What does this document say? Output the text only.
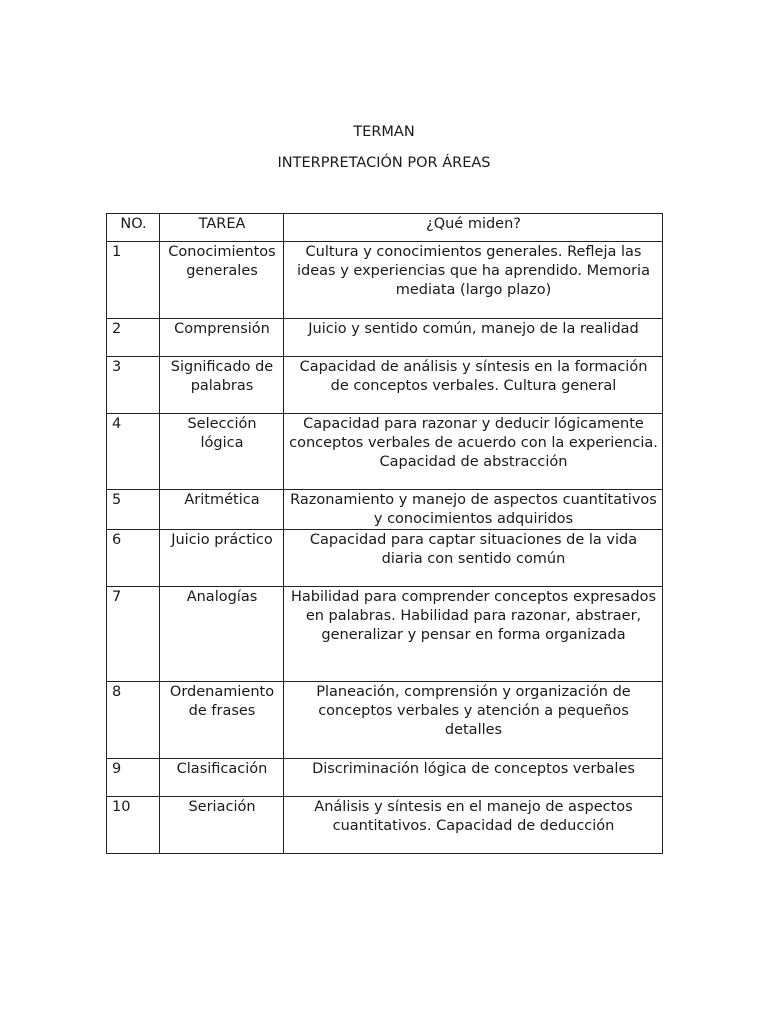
TERMAN
INTERPRETACIÓN POR ÁREAS
NO.	TAREA	¿Qué miden?
1	Conocimientos generales	Cultura y conocimientos generales. Refleja las ideas y experiencias que ha aprendido. Memoria mediata (largo plazo)
2	Comprensión	Juicio y sentido común, manejo de la realidad
3	Significado de palabras	Capacidad de análisis y síntesis en la formación de conceptos verbales. Cultura general
4	Selección lógica	Capacidad para razonar y deducir lógicamente conceptos verbales de acuerdo con la experiencia. Capacidad de abstracción
5	Aritmética	Razonamiento y manejo de aspectos cuantitativos y conocimientos adquiridos
6	Juicio práctico	Capacidad para captar situaciones de la vida diaria con sentido común
7	Analogías	Habilidad para comprender conceptos expresados en palabras. Habilidad para razonar, abstraer, generalizar y pensar en forma organizada
8	Ordenamiento de frases	Planeación, comprensión y organización de conceptos verbales y atención a pequeños detalles
9	Clasificación	Discriminación lógica de conceptos verbales
10	Seriación	Análisis y síntesis en el manejo de aspectos cuantitativos. Capacidad de deducción
